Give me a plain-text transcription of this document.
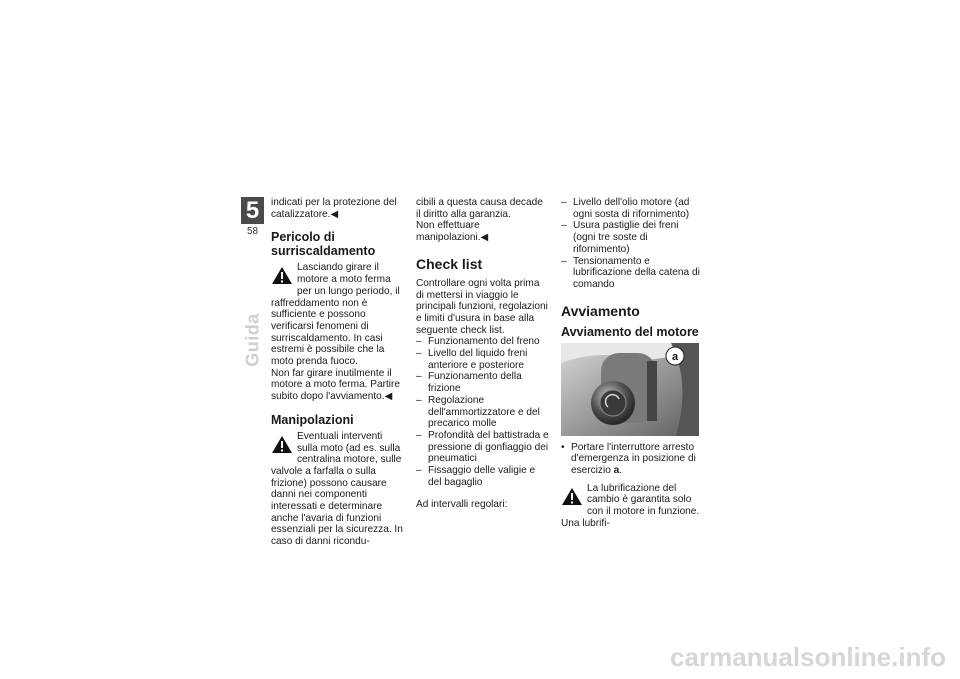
5
58
Guida

indicati per la protezione del catalizzatore.◀

Pericolo di surriscaldamento

Lasciando girare il motore a moto ferma per un lungo periodo, il raffreddamento non è sufficiente e possono verificarsi fenomeni di surriscaldamento. In casi estremi è possibile che la moto prenda fuoco.

Non far girare inutilmente il motore a moto ferma. Partire subito dopo l'avviamento.◀

Manipolazioni

Eventuali interventi sulla moto (ad es. sulla centralina motore, sulle valvole a farfalla o sulla frizione) possono causare danni nei componenti interessati e determinare anche l'avaria di funzioni essenziali per la sicurezza. In caso di danni ricondu-

cibili a questa causa decade il diritto alla garanzia.

Non effettuare manipolazioni.◀

Check list

Controllare ogni volta prima di mettersi in viaggio le principali funzioni, regolazioni e limiti d'usura in base alla seguente check list.

– Funzionamento del freno
– Livello del liquido freni anteriore e posteriore
– Funzionamento della frizione
– Regolazione dell'ammortizzatore e del precarico molle
– Profondità del battistrada e pressione di gonfiaggio dei pneumatici
– Fissaggio delle valigie e del bagaglio

Ad intervalli regolari:

– Livello dell'olio motore (ad ogni sosta di rifornimento)
– Usura pastiglie dei freni (ogni tre soste di rifornimento)
– Tensionamento e lubrificazione della catena di comando
Avviamento
Avviamento del motore
a
• Portare l'interruttore arresto d'emergenza in posizione di esercizio a.

La lubrificazione del cambio è garantita solo con il motore in funzione. Una lubrifi-

carmanualsonline.info
